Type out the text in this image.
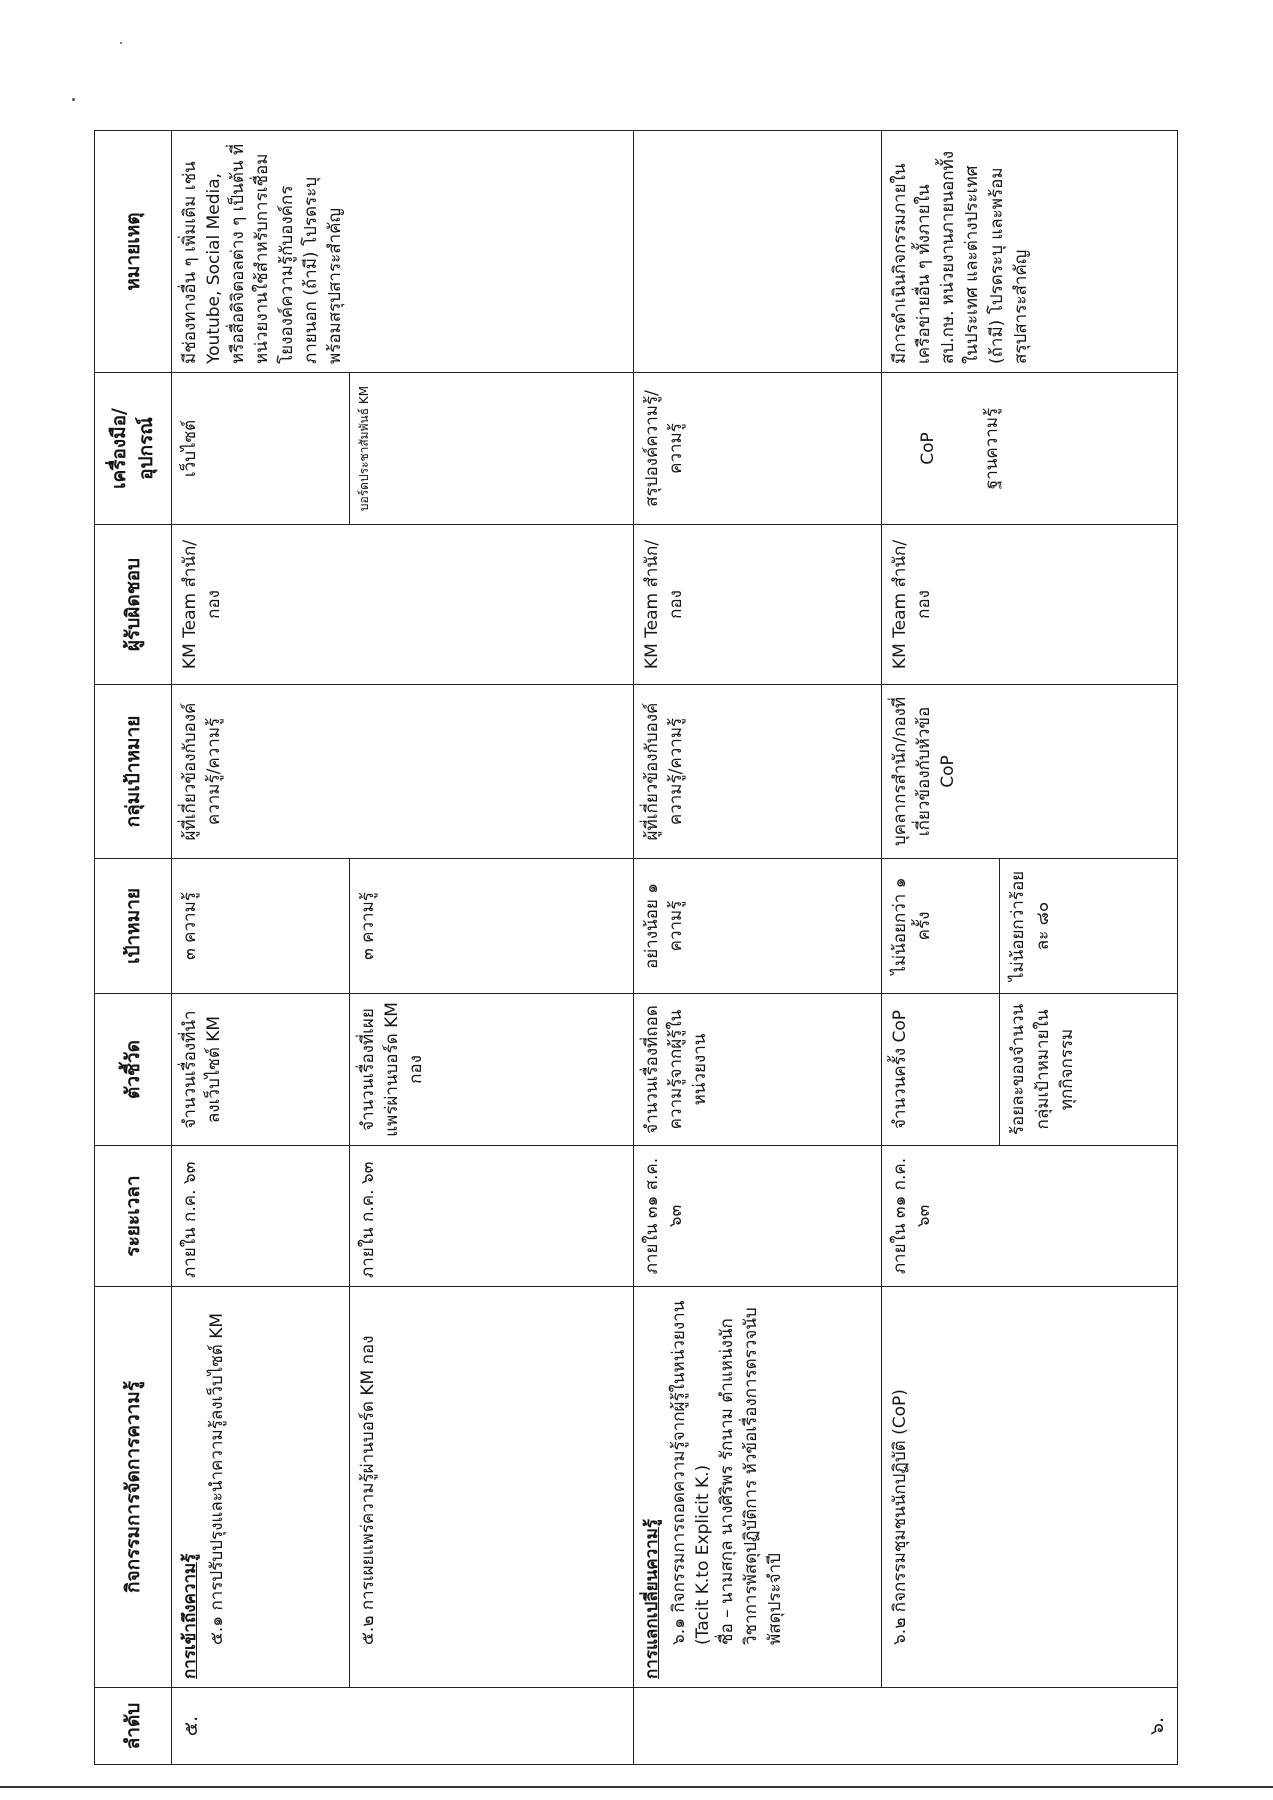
ลำดับ	กิจกรรมการจัดการความรู้	ระยะเวลา	ตัวชี้วัด	เป้าหมาย	กลุ่มเป้าหมาย	ผู้รับผิดชอบ	เครื่องมือ/อุปกรณ์	หมายเหตุ
๕.	การเข้าถึงความรู้ ๕.๑ การปรับปรุงและนำความรู้ลงเว็บไซต์ KM	ภายใน ก.ค. ๖๓	จำนวนเรื่องที่นำลงเว็บไซต์ KM	๓ ความรู้	ผู้ที่เกี่ยวข้องกับองค์ความรู้/ความรู้	KM Team สำนัก/กอง	เว็บไซต์	มีช่องทางอื่น ๆ เพิ่มเติม เช่น Youtube, Social Media, หรือสื่อดิจิตอลต่าง ๆ เป็นต้น ที่หน่วยงานใช้สำหรับการเชื่อมโยงองค์ความรู้กับองค์กรภายนอก (ถ้ามี) โปรดระบุ พร้อมสรุปสาระสำคัญ

	๕.๒ การเผยแพร่ความรู้ผ่านบอร์ด KM กอง	ภายใน ก.ค. ๖๓	จำนวนเรื่องที่เผยแพร่ผ่านบอร์ด KM กอง	๓ ความรู้			บอร์ดประชาสัมพันธ์ KM	
๖.	การแลกเปลี่ยนความรู้ ๖.๑ กิจกรรมการถอดความรู้จากผู้รู้ในหน่วยงาน (Tacit K.to Explicit K.) ชื่อ – นามสกุล นางศิริพร รักนาม ตำแหน่งนักวิชาการพัสดุปฏิบัติการ หัวข้อเรื่องการตรวจนับพัสดุประจำปี	ภายใน ๓๑ ส.ค. ๖๓	จำนวนเรื่องที่ถอดความรู้จากผู้รู้ในหน่วยงาน	อย่างน้อย ๑ ความรู้	ผู้ที่เกี่ยวข้องกับองค์ความรู้/ความรู้	KM Team สำนัก/กอง	สรุปองค์ความรู้/ความรู้	

	๖.๒ กิจกรรมชุมชนนักปฏิบัติ (CoP)	ภายใน ๓๑ ก.ค. ๖๓	จำนวนครั้ง CoP	ไม่น้อยกว่า ๑ ครั้ง	บุคลากรสำนัก/กองที่เกี่ยวข้องกับหัวข้อ CoP	KM Team สำนัก/กอง	CoP ฐานความรู้	มีการดำเนินกิจกรรมภายในเครือข่ายอื่น ๆ ทั้งภายใน สป.กษ. หน่วยงานภายนอกทั้งในประเทศ และต่างประเทศ (ถ้ามี) โปรดระบุ และพร้อมสรุปสาระสำคัญ
			ร้อยละของจำนวนกลุ่มเป้าหมายในทุกกิจกรรม	ไม่น้อยกว่าร้อยละ ๘๐				
